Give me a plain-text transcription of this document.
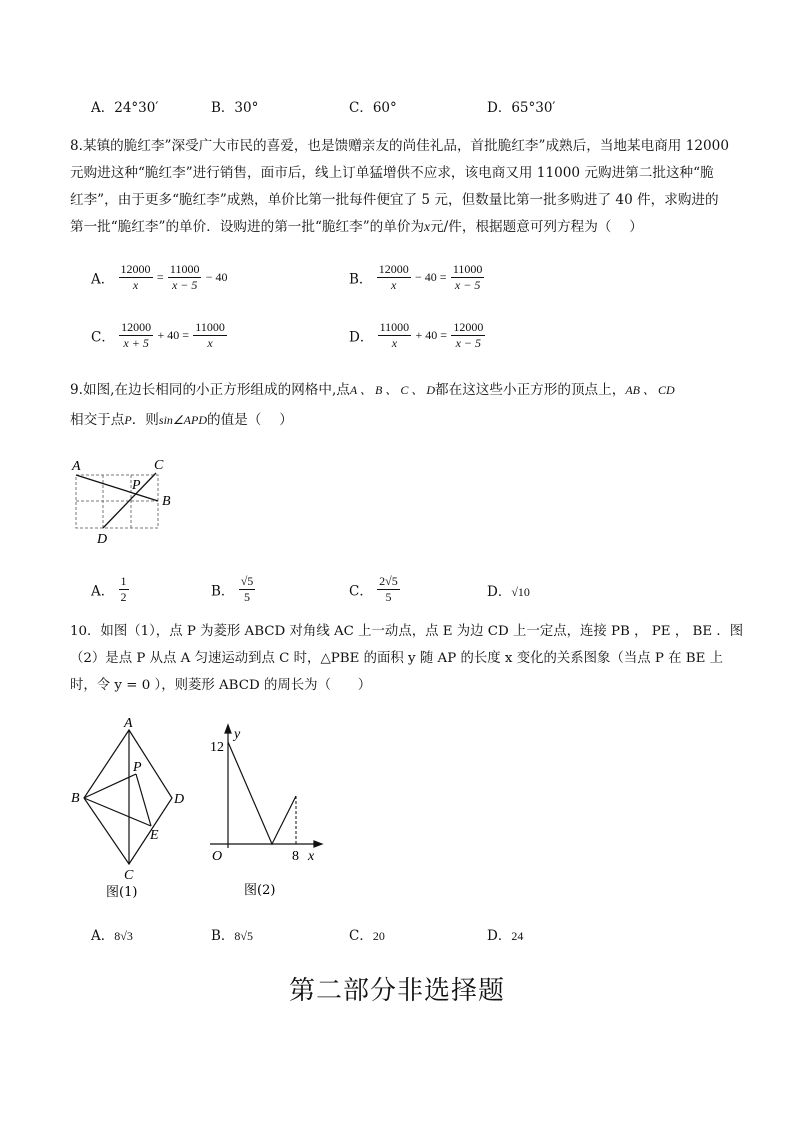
A．24°30′	B．30°	C．60°	D．65°30′
8.某镇的脆红李”深受广大市民的喜爱，也是馈赠亲友的尚佳礼品，首批脆红李”成熟后，当地某电商用 12000
元购进这种“脆红李”进行销售，面市后，线上订单猛增供不应求，该电商又用 11000 元购进第二批这种“脆
红李”，由于更多“脆红李”成熟，单价比第一批每件便宜了 5 元，但数量比第一批多购进了 40 件，求购进的
第一批“脆红李”的单价．设购进的第一批“脆红李”的单价为x元/件，根据题意可列方程为（　 ）
A． $\frac{12000}{x} = \frac{11000}{x - 5} - 40$	B． $\frac{12000}{x} - 40 = \frac{11000}{x - 5}$
C． $\frac{12000}{x + 5} + 40 = \frac{11000}{x}$	D． $\frac{11000}{x} + 40 = \frac{12000}{x - 5}$
9.如图,在边长相同的小正方形组成的网格中,点A 、 B 、 C 、 D都在这这些小正方形的顶点上，AB 、 CD
相交于点P．则sin∠APD的值是（　 ）
A	C
P
B
D
A． $\frac{1}{2}$	B． $\frac{√5}{5}$	C． $\frac{2√5}{5}$	D．√10
10．如图（1），点 P 为菱形 ABCD 对角线 AC 上一动点，点 E 为边 CD 上一定点，连接 PB ， PE ， BE ．图
（2）是点 P 从点 A 匀速运动到点 C 时，△PBE 的面积 y 随 AP 的长度 x 变化的关系图象（当点 P 在 BE 上
时，令 y = 0 ），则菱形 ABCD 的周长为（　　）
A
P
B	D
E
C
图(1)
y
12
O	8 x
图(2)
A．8√3	B．8√5	C．20	D．24
第二部分非选择题
